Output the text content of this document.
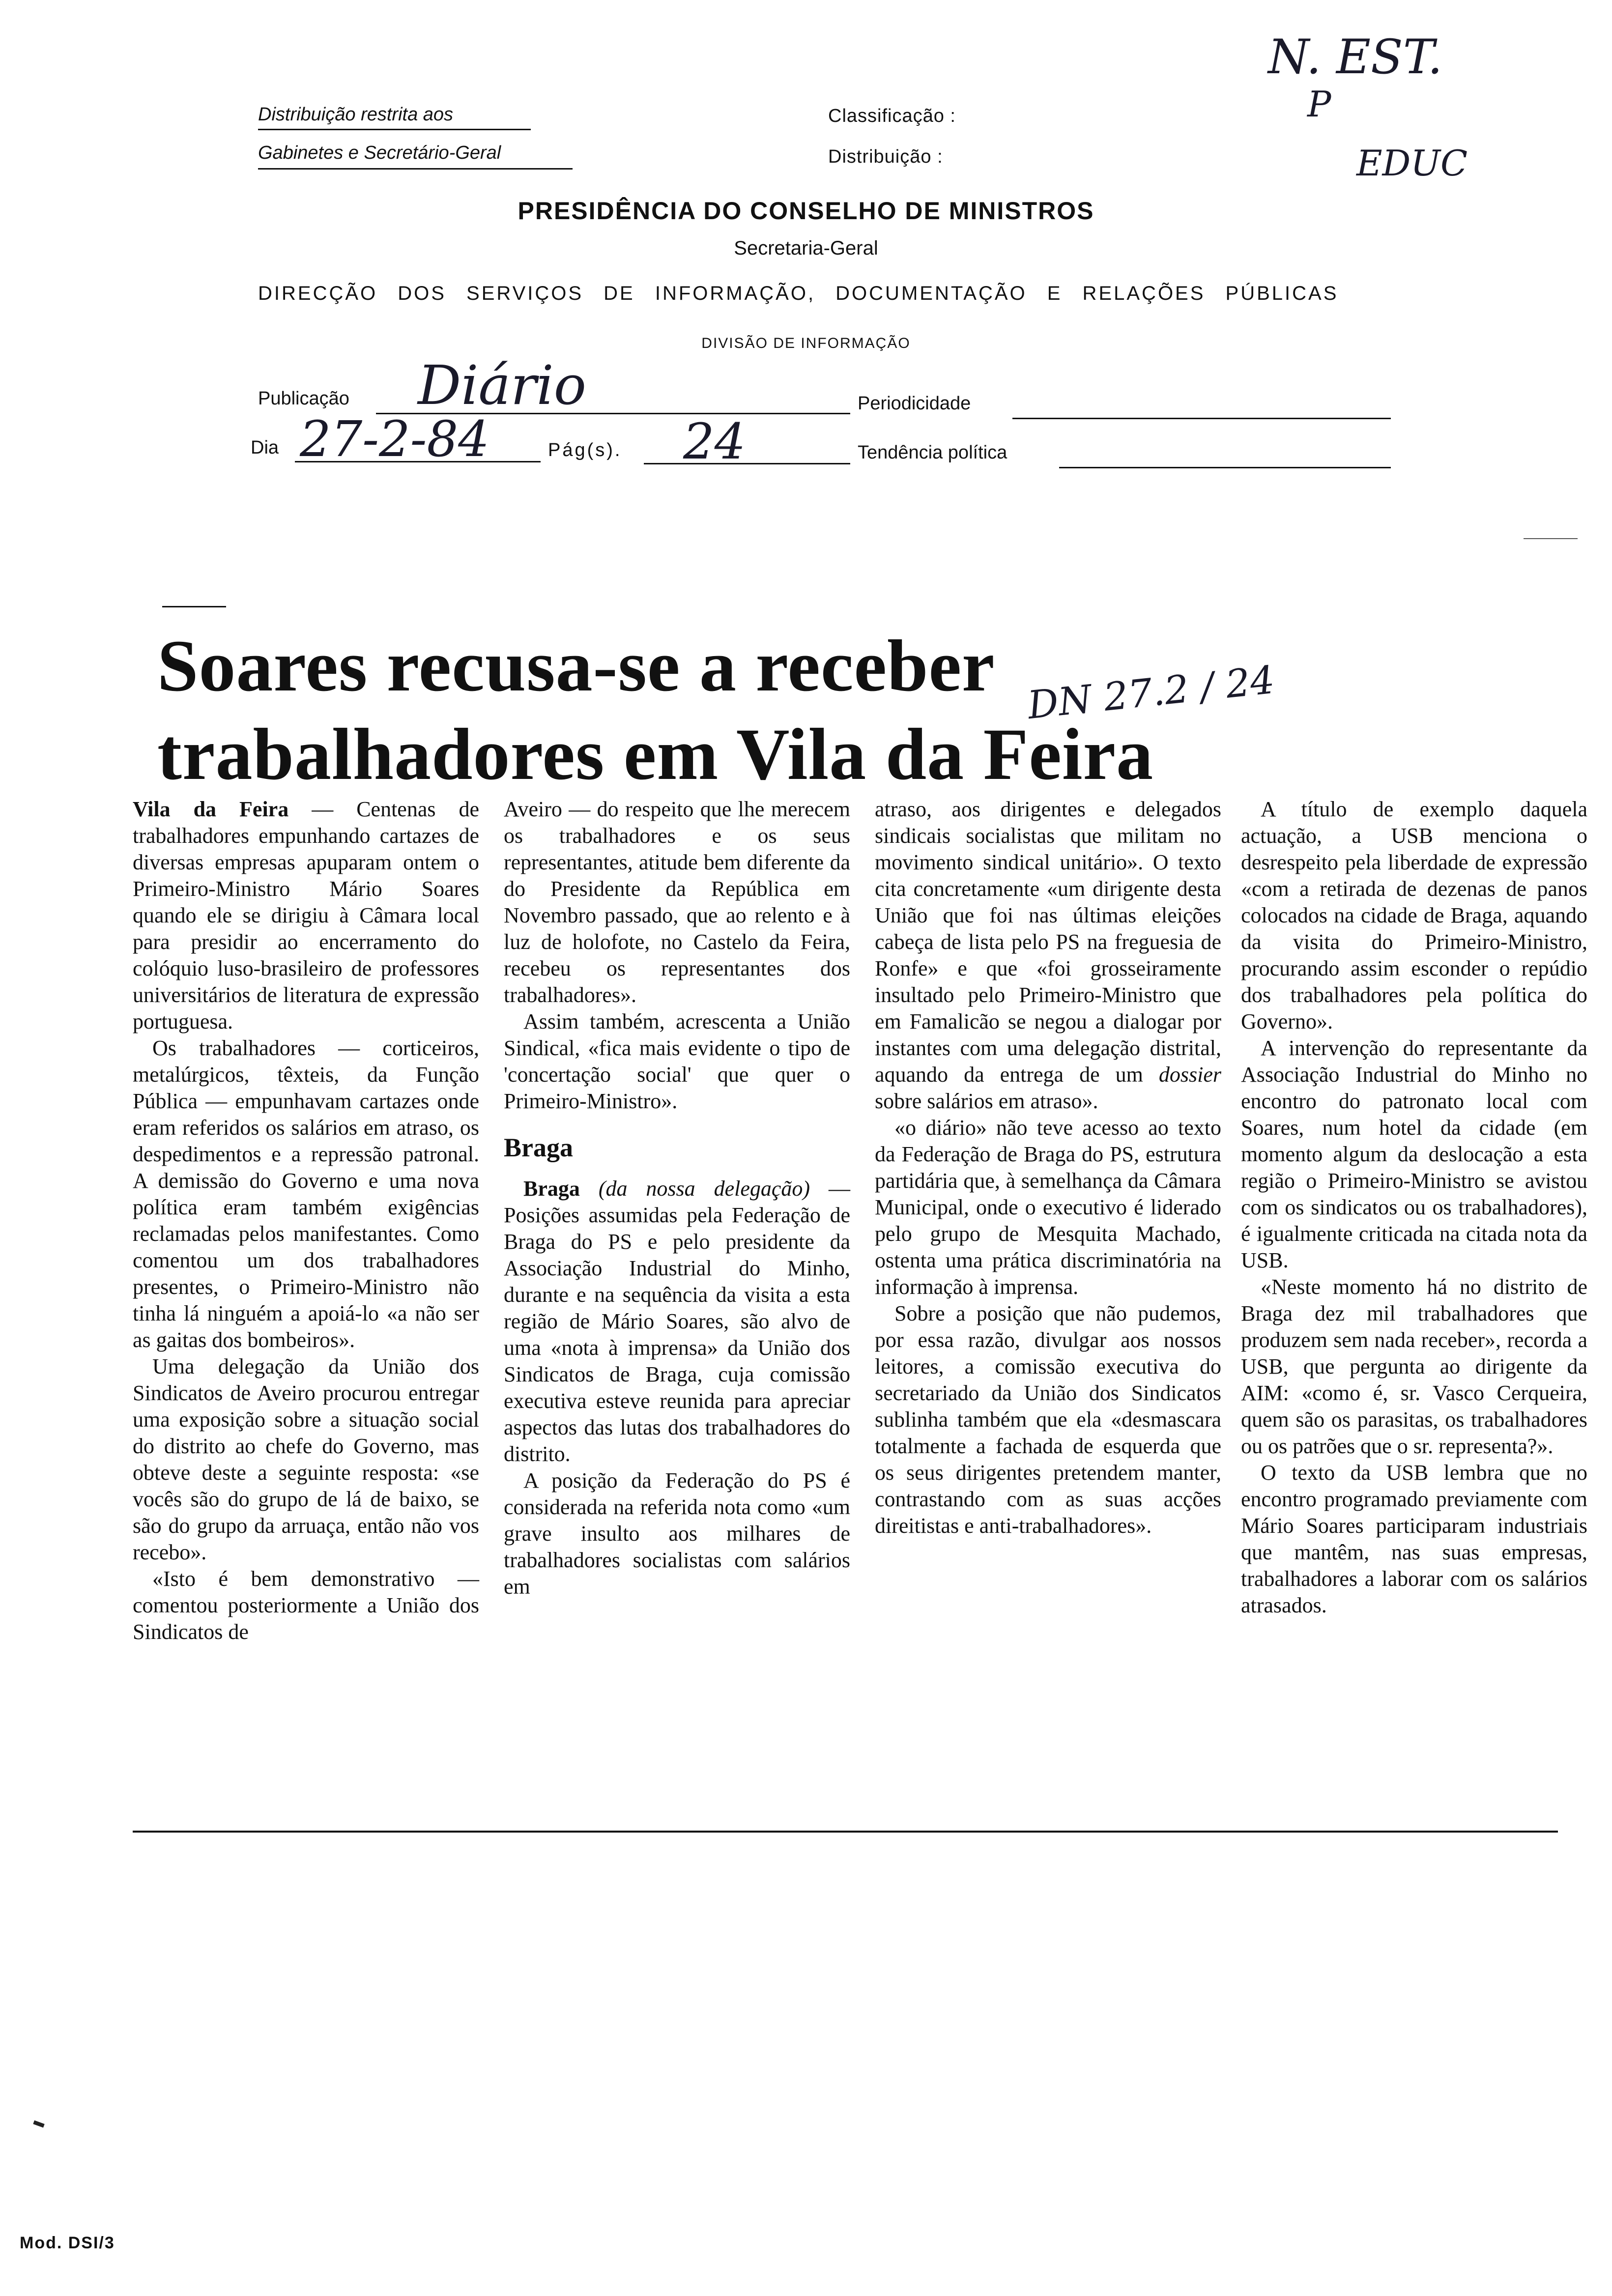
Distribuição restrita aos
Gabinetes e Secretário-Geral
Classificação :
Distribuição :
N. EST.
P
EDUC
PRESIDÊNCIA DO CONSELHO DE MINISTROS
Secretaria-Geral
DIRECÇÃO DOS SERVIÇOS DE INFORMAÇÃO, DOCUMENTAÇÃO E RELAÇÕES PÚBLICAS
DIVISÃO DE INFORMAÇÃO
Publicação Diário	Periodicidade
Dia 27-2-84	Pág(s). 24	Tendência política
Soares recusa-se a receber
trabalhadores em Vila da Feira
DN 27.2 / 24

Vila da Feira — Centenas de trabalhadores empunhando cartazes de diversas empresas apuparam ontem o Primeiro-Ministro Mário Soares quando ele se dirigiu à Câmara local para presidir ao encerramento do colóquio luso-brasileiro de professores universitários de literatura de expressão portuguesa.

Os trabalhadores — corticeiros, metalúrgicos, têxteis, da Função Pública — empunhavam cartazes onde eram referidos os salários em atraso, os despedimentos e a repressão patronal. A demissão do Governo e uma nova política eram também exigências reclamadas pelos manifestantes. Como comentou um dos trabalhadores presentes, o Primeiro-Ministro não tinha lá ninguém a apoiá-lo «a não ser as gaitas dos bombeiros».

Uma delegação da União dos Sindicatos de Aveiro procurou entregar uma exposição sobre a situação social do distrito ao chefe do Governo, mas obteve deste a seguinte resposta: «se vocês são do grupo de lá de baixo, se são do grupo da arruaça, então não vos recebo».

«Isto é bem demonstrativo — comentou posteriormente a União dos Sindicatos de

Aveiro — do respeito que lhe merecem os trabalhadores e os seus representantes, atitude bem diferente da do Presidente da República em Novembro passado, que ao relento e à luz de holofote, no Castelo da Feira, recebeu os representantes dos trabalhadores».

Assim também, acrescenta a União Sindical, «fica mais evidente o tipo de 'concertação social' que quer o Primeiro-Ministro».

Braga

Braga (da nossa delegação) — Posições assumidas pela Federação de Braga do PS e pelo presidente da Associação Industrial do Minho, durante e na sequência da visita a esta região de Mário Soares, são alvo de uma «nota à imprensa» da União dos Sindicatos de Braga, cuja comissão executiva esteve reunida para apreciar aspectos das lutas dos trabalhadores do distrito.

A posição da Federação do PS é considerada na referida nota como «um grave insulto aos milhares de trabalhadores socialistas com salários em

atraso, aos dirigentes e delegados sindicais socialistas que militam no movimento sindical unitário». O texto cita concretamente «um dirigente desta União que foi nas últimas eleições cabeça de lista pelo PS na freguesia de Ronfe» e que «foi grosseiramente insultado pelo Primeiro-Ministro que em Famalicão se negou a dialogar por instantes com uma delegação distrital, aquando da entrega de um dossier sobre salários em atraso».

«o diário» não teve acesso ao texto da Federação de Braga do PS, estrutura partidária que, à semelhança da Câmara Municipal, onde o executivo é liderado pelo grupo de Mesquita Machado, ostenta uma prática discriminatória na informação à imprensa.

Sobre a posição que não pudemos, por essa razão, divulgar aos nossos leitores, a comissão executiva do secretariado da União dos Sindicatos sublinha também que ela «desmascara totalmente a fachada de esquerda que os seus dirigentes pretendem manter, contrastando com as suas acções direitistas e anti-trabalhadores».

A título de exemplo daquela actuação, a USB menciona o desrespeito pela liberdade de expressão «com a retirada de dezenas de panos colocados na cidade de Braga, aquando da visita do Primeiro-Ministro, procurando assim esconder o repúdio dos trabalhadores pela política do Governo».

A intervenção do representante da Associação Industrial do Minho no encontro do patronato local com Soares, num hotel da cidade (em momento algum da deslocação a esta região o Primeiro-Ministro se avistou com os sindicatos ou os trabalhadores), é igualmente criticada na citada nota da USB.

«Neste momento há no distrito de Braga dez mil trabalhadores que produzem sem nada receber», recorda a USB, que pergunta ao dirigente da AIM: «como é, sr. Vasco Cerqueira, quem são os parasitas, os trabalhadores ou os patrões que o sr. representa?».

O texto da USB lembra que no encontro programado previamente com Mário Soares participaram industriais que mantêm, nas suas empresas, trabalhadores a laborar com os salários atrasados.

Mod. DSI/3
